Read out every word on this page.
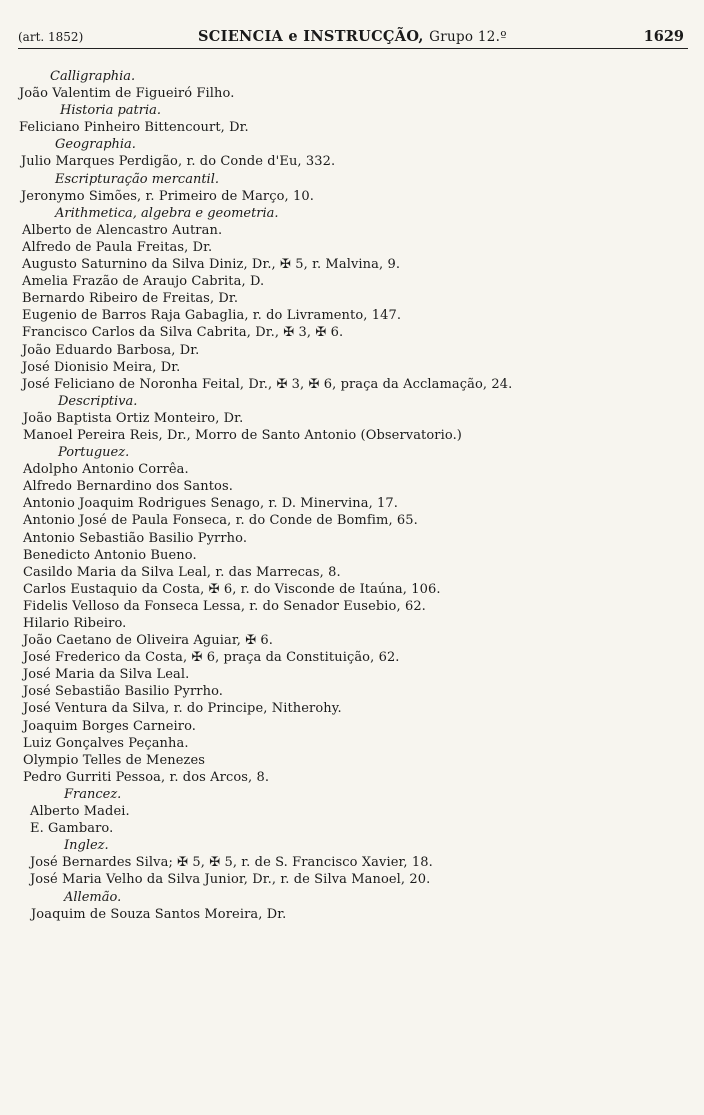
(art. 1852)	SCIENCIA e INSTRUCÇÃO, Grupo 12.º	1629
Calligraphia.
João Valentim de Figueiró Filho.
Historia patria.
Feliciano Pinheiro Bittencourt, Dr.
Geographia.
Julio Marques Perdigão, r. do Conde d'Eu, 332.
Escripturação mercantil.
Jeronymo Simões, r. Primeiro de Março, 10.
Arithmetica, algebra e geometria.
Alberto de Alencastro Autran.
Alfredo de Paula Freitas, Dr.
Augusto Saturnino da Silva Diniz, Dr., ✠ 5, r. Malvina, 9.
Amelia Frazão de Araujo Cabrita, D.
Bernardo Ribeiro de Freitas, Dr.
Eugenio de Barros Raja Gabaglia, r. do Livramento, 147.
Francisco Carlos da Silva Cabrita, Dr., ✠ 3, ✠ 6.
João Eduardo Barbosa, Dr.
José Dionisio Meira, Dr.
José Feliciano de Noronha Feital, Dr., ✠ 3, ✠ 6, praça da Acclamação, 24.
Descriptiva.
João Baptista Ortiz Monteiro, Dr.
Manoel Pereira Reis, Dr., Morro de Santo Antonio (Observatorio.)
Portuguez.
Adolpho Antonio Corrêa.
Alfredo Bernardino dos Santos.
Antonio Joaquim Rodrigues Senago, r. D. Minervina, 17.
Antonio José de Paula Fonseca, r. do Conde de Bomfim, 65.
Antonio Sebastião Basilio Pyrrho.
Benedicto Antonio Bueno.
Casildo Maria da Silva Leal, r. das Marrecas, 8.
Carlos Eustaquio da Costa, ✠ 6, r. do Visconde de Itaúna, 106.
Fidelis Velloso da Fonseca Lessa, r. do Senador Eusebio, 62.
Hilario Ribeiro.
João Caetano de Oliveira Aguiar, ✠ 6.
José Frederico da Costa, ✠ 6, praça da Constituição, 62.
José Maria da Silva Leal.
José Sebastião Basilio Pyrrho.
José Ventura da Silva, r. do Principe, Nitherohy.
Joaquim Borges Carneiro.
Luiz Gonçalves Peçanha.
Olympio Telles de Menezes
Pedro Gurriti Pessoa, r. dos Arcos, 8.
Francez.
Alberto Madei.
E. Gambaro.
Inglez.
José Bernardes Silva; ✠ 5, ✠ 5, r. de S. Francisco Xavier, 18.
José Maria Velho da Silva Junior, Dr., r. de Silva Manoel, 20.
Allemão.
Joaquim de Souza Santos Moreira, Dr.
